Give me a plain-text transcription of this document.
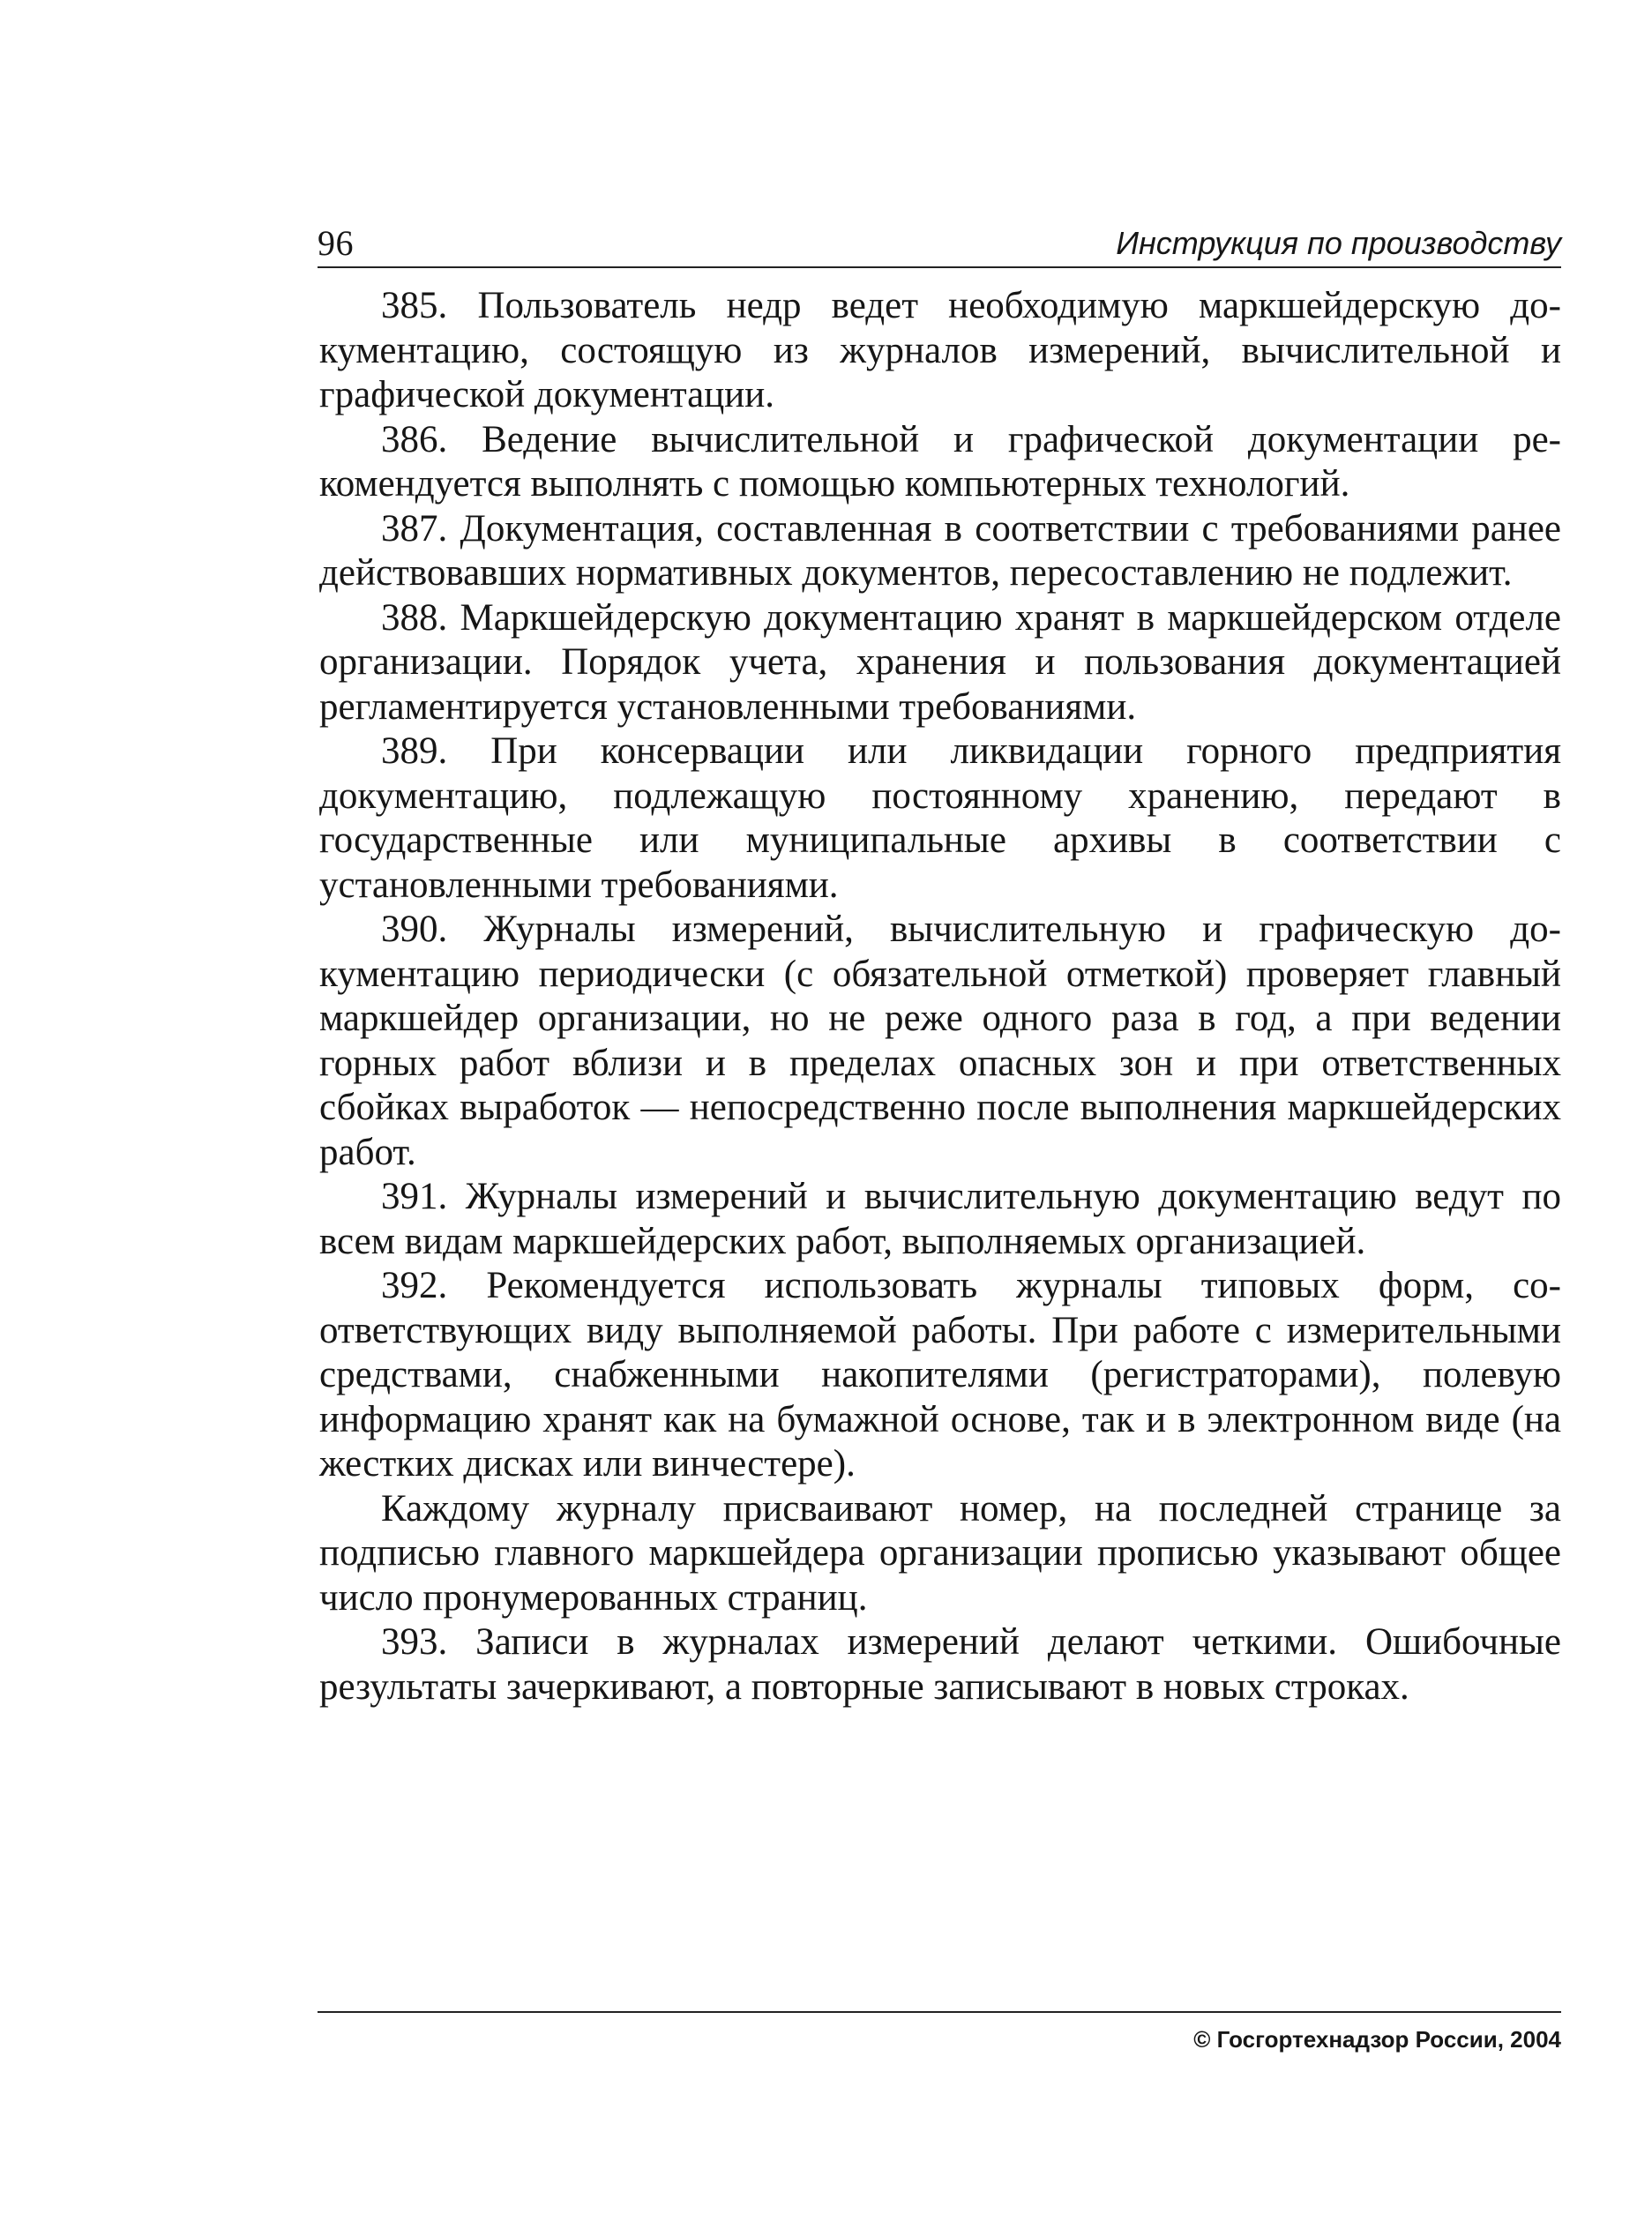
96	Инструкция по производству

385. Пользователь недр ведет необходимую маркшейдерскую документацию, состоящую из журналов измерений, вычислительной и графической документации.

386. Ведение вычислительной и графической документации рекомендуется выполнять с помощью компьютерных технологий.

387. Документация, составленная в соответствии с требованиями ранее действовавших нормативных документов, пересоставлению не подлежит.

388. Маркшейдерскую документацию хранят в маркшейдерском отделе организации. Порядок учета, хранения и пользования документацией регламентируется установленными требованиями.

389. При консервации или ликвидации горного предприятия документацию, подлежащую постоянному хранению, передают в государственные или муниципальные архивы в соответствии с установленными требованиями.

390. Журналы измерений, вычислительную и графическую документацию периодически (с обязательной отметкой) проверяет главный маркшейдер организации, но не реже одного раза в год, а при ведении горных работ вблизи и в пределах опасных зон и при ответственных сбойках выработок — непосредственно после выполнения маркшейдерских работ.

391. Журналы измерений и вычислительную документацию ведут по всем видам маркшейдерских работ, выполняемых организацией.

392. Рекомендуется использовать журналы типовых форм, соответствующих виду выполняемой работы. При работе с измерительными средствами, снабженными накопителями (регистраторами), полевую информацию хранят как на бумажной основе, так и в электронном виде (на жестких дисках или винчестере).

Каждому журналу присваивают номер, на последней странице за подписью главного маркшейдера организации прописью указывают общее число пронумерованных страниц.

393. Записи в журналах измерений делают четкими. Ошибочные результаты зачеркивают, а повторные записывают в новых строках.

© Госгортехнадзор России, 2004
